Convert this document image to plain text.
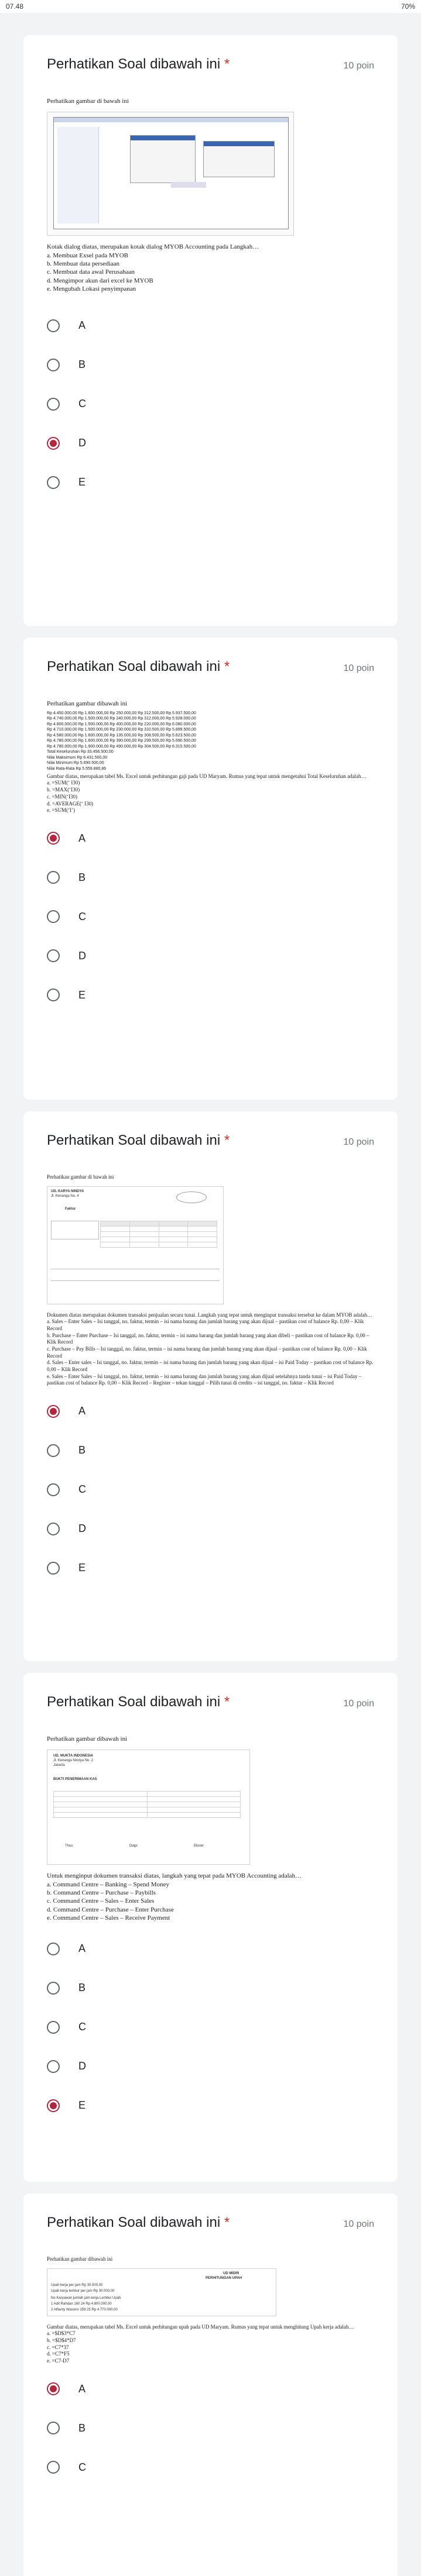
07.48	70%
Perhatikan Soal dibawah ini *	10 poin

Perhatikan gambar di bawah ini

Kotak dialog diatas, merupakan kotak dialog MYOB Accounting pada Langkah…

a. Membuat Exsel pada MYOB
b. Membuat data persediaan
c. Membuat data awal Perusahaan
d. Mengimpor akun dari excel ke MYOB
e. Mengubah Lokasi penyimpanan
A
B
C
D
E
Perhatikan Soal dibawah ini *	10 poin

Perhatikan gambar dibawah ini

Rp 4.450.000,00 Rp 1.600.000,00 Rp 250.000,00 Rp 312.500,00 Rp 5.937.500,00
Rp 4.740.000,00 Rp 1.500.000,00 Rp 240.000,00 Rp 312.000,00 Rp 5.928.000,00
Rp 4.800.000,00 Rp 1.500.000,00 Rp 400.000,00 Rp 220.000,00 Rp 6.080.000,00
Rp 4.710.000,00 Rp 1.500.000,00 Rp 230.000,00 Rp 310.500,00 Rp 5.899.500,00
Rp 4.580.000,00 Rp 1.600.000,00 Rp 135.000,00 Rp 308.500,00 Rp 5.623.500,00
Rp 4.780.000,00 Rp 1.600.000,00 Rp 390.000,00 Rp 299.500,00 Rp 5.690.500,00
Rp 4.780.000,00 Rp 1.900.000,00 Rp 490.000,00 Rp 304.500,00 Rp 6.315.500,00
Total Keseluruhan Rp 33.456.500,00
Nilai Maksimum Rp 6.431.500,00
Nilai Minimum Rp 5.690.500,00
Nilai Rata-Rata Rp 5.559.880,86

Gambar diatas, merupakan tabel Ms. Excel untuk perhitungan gaji pada UD Maryam. Rumus yang tepat untuk mengetahui Total Keseluruhan adalah…

a. =SUM(‘ I30)
b. =MAX(‘I30)
c. =MIN(‘I30)
d. =AVERAGE(‘ I30)
e. =SUM(‘I’)
A
B
C
D
E
Perhatikan Soal dibawah ini *	10 poin

Perhatikan gambar di bawah ini

UD. KARYA NINDYA
Jl. Kenanga No. 4
Faktur

Dokumen diatas merupakan dokumen transaksi penjualan secara tunai. Langkah yang tepat untuk menginput transaksi tersebut ke dalam MYOB adalah…

a. Sales – Enter Sales – Isi tanggal, no. faktur, termin – isi nama barang dan jumlah barang yang akan dijual – pastikan cost of balance Rp. 0,00 – Klik Record
b. Purchase – Enter Purchase – Isi tanggal, no. faktur, termin – isi nama barang dan jumlah barang yang akan dibeli – pastikan cost of balance Rp. 0,00 – Klik Record
c. Purchase – Pay Bills – Isi tanggal, no. faktur, termin – isi nama barang dan jumlah barang yang akan dijual – pastikan cost of balance Rp. 0,00 – Klik Record
d. Sales – Enter sales – Isi tanggal, no. faktur, termin – isi nama barang dan jumlah barang yang akan dijual – isi Paid Today – pastikan cost of balance Rp. 0,00 – Klik Record
e. Sales – Enter Sales – Isi tanggal, no. faktur, termin – isi nama barang dan jumlah barang yang akan dijual setelahnya tanda tunai – isi Paid Today – pastikan cost of balance Rp. 0,00 – Klik Record – Register – tekan tunggal – Pilih tunai di credits – isi tanggal, no. faktur – Klik Record
A
B
C
D
E
Perhatikan Soal dibawah ini *	10 poin

Perhatikan gambar dibawah ini

UD. MUKTA INDONESIA
Jl. Kenanga Nindya No. 2
Jakarta
BUKTI PENERIMAAN KAS

Thus	Diapi	Eknier

Untuk menginput dokumen transaksi diatas, langkah yang tepat pada MYOB Accounting adalah…

a. Command Centre – Banking – Spend Money
b. Command Centre – Purchase – Paybills
c. Command Centre – Sales – Enter Sales
d. Command Centre – Purchase – Enter Purchase
e. Command Centre – Sales – Receive Payment
A
B
C
D
E
Perhatikan Soal dibawah ini *	10 poin

Perhatikan gambar dibawah ini

UD MIDRI
PERHITUNGAN UPAH
Upah kerja per jam Rp 30.000,00
Upah kerja lembur per jam Rp 30.000,00
No Karyawan jumlah jam kerja Lembur Upah
1 Adit Rahdan 160 24 Rp 4.800.000,00
2 Alfianty Wasono 159 25 Rp 4.770.000,00

Gambar diatas, merupakan tabel Ms. Excel untuk perhitungan upah pada UD Maryam. Rumus yang tepat untuk menghitung Upah kerja adalah…

a. =$D$3*C7
b. =$D$4*D7
c. =C7*37
d. =C7*F5
e. =C7-D7
A
B
C
